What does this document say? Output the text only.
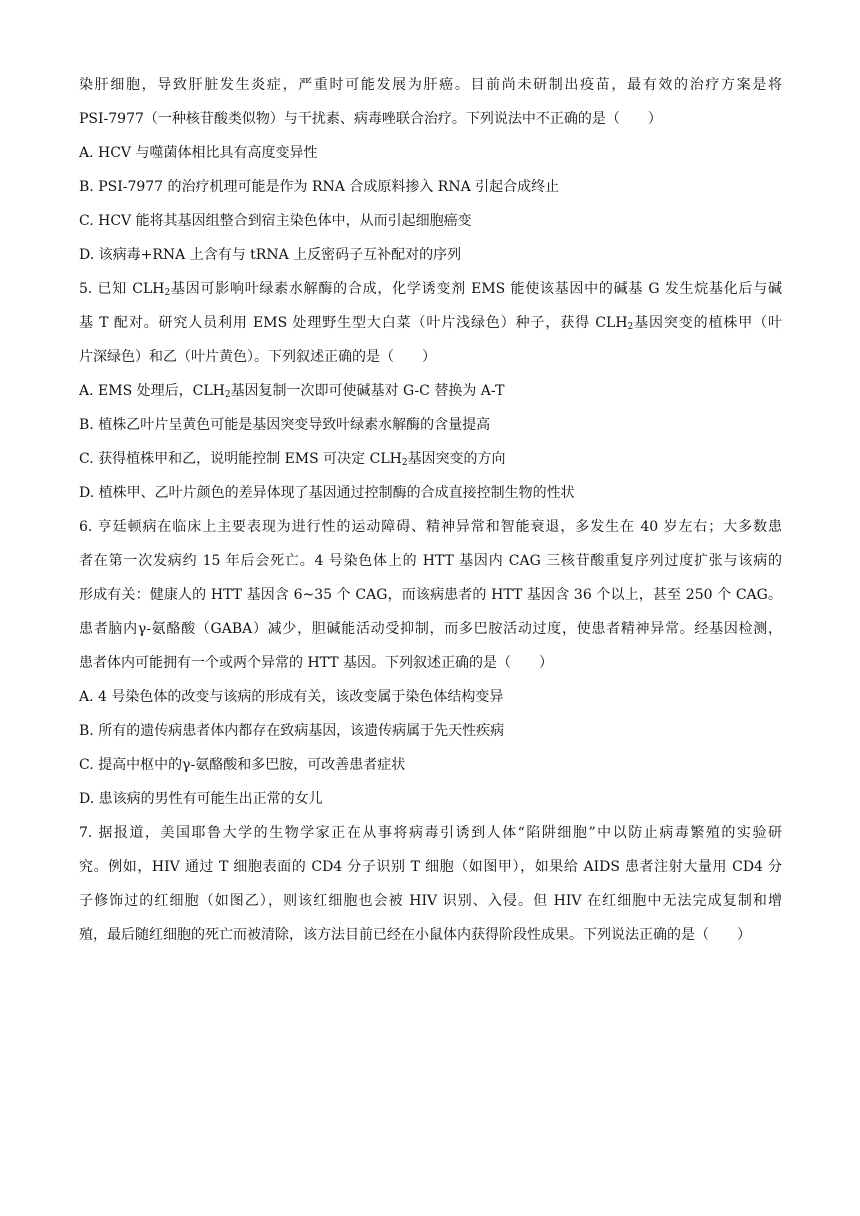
染肝细胞，导致肝脏发生炎症，严重时可能发展为肝癌。目前尚未研制出疫苗，最有效的治疗方案是将
PSI-7977（一种核苷酸类似物）与干扰素、病毒唑联合治疗。下列说法中不正确的是（　　）
A. HCV 与噬菌体相比具有高度变异性
B. PSI-7977 的治疗机理可能是作为 RNA 合成原料掺入 RNA 引起合成终止
C. HCV 能将其基因组整合到宿主染色体中，从而引起细胞癌变
D. 该病毒+RNA 上含有与 tRNA 上反密码子互补配对的序列
5. 已知 $CLH_2$基因可影响叶绿素水解酶的合成，化学诱变剂 EMS 能使该基因中的碱基 G 发生烷基化后与碱
基 T 配对。研究人员利用 EMS 处理野生型大白菜（叶片浅绿色）种子，获得 $CLH_2$基因突变的植株甲（叶
片深绿色）和乙（叶片黄色）。下列叙述正确的是（　　）
A. EMS 处理后，$CLH_2$基因复制一次即可使碱基对 G-C 替换为 A-T
B. 植株乙叶片呈黄色可能是基因突变导致叶绿素水解酶的含量提高
C. 获得植株甲和乙，说明能控制 EMS 可决定 $CLH_2$基因突变的方向
D. 植株甲、乙叶片颜色的差异体现了基因通过控制酶的合成直接控制生物的性状
6. 亨廷顿病在临床上主要表现为进行性的运动障碍、精神异常和智能衰退，多发生在 40 岁左右；大多数患
者在第一次发病约 15 年后会死亡。4 号染色体上的 HTT 基因内 CAG 三核苷酸重复序列过度扩张与该病的
形成有关：健康人的 HTT 基因含 6~35 个 CAG，而该病患者的 HTT 基因含 36 个以上，甚至 250 个 CAG。
患者脑内γ-氨酪酸（GABA）减少，胆碱能活动受抑制，而多巴胺活动过度，使患者精神异常。经基因检测，
患者体内可能拥有一个或两个异常的 HTT 基因。下列叙述正确的是（　　）
A. 4 号染色体的改变与该病的形成有关，该改变属于染色体结构变异
B. 所有的遗传病患者体内都存在致病基因，该遗传病属于先天性疾病
C. 提高中枢中的γ-氨酪酸和多巴胺，可改善患者症状
D. 患该病的男性有可能生出正常的女儿
7. 据报道，美国耶鲁大学的生物学家正在从事将病毒引诱到人体“陷阱细胞”中以防止病毒繁殖的实验研
究。例如，HIV 通过 T 细胞表面的 CD4 分子识别 T 细胞（如图甲），如果给 AIDS 患者注射大量用 CD4 分
子修饰过的红细胞（如图乙），则该红细胞也会被 HIV 识别、入侵。但 HIV 在红细胞中无法完成复制和增
殖，最后随红细胞的死亡而被清除，该方法目前已经在小鼠体内获得阶段性成果。下列说法正确的是（　　）
